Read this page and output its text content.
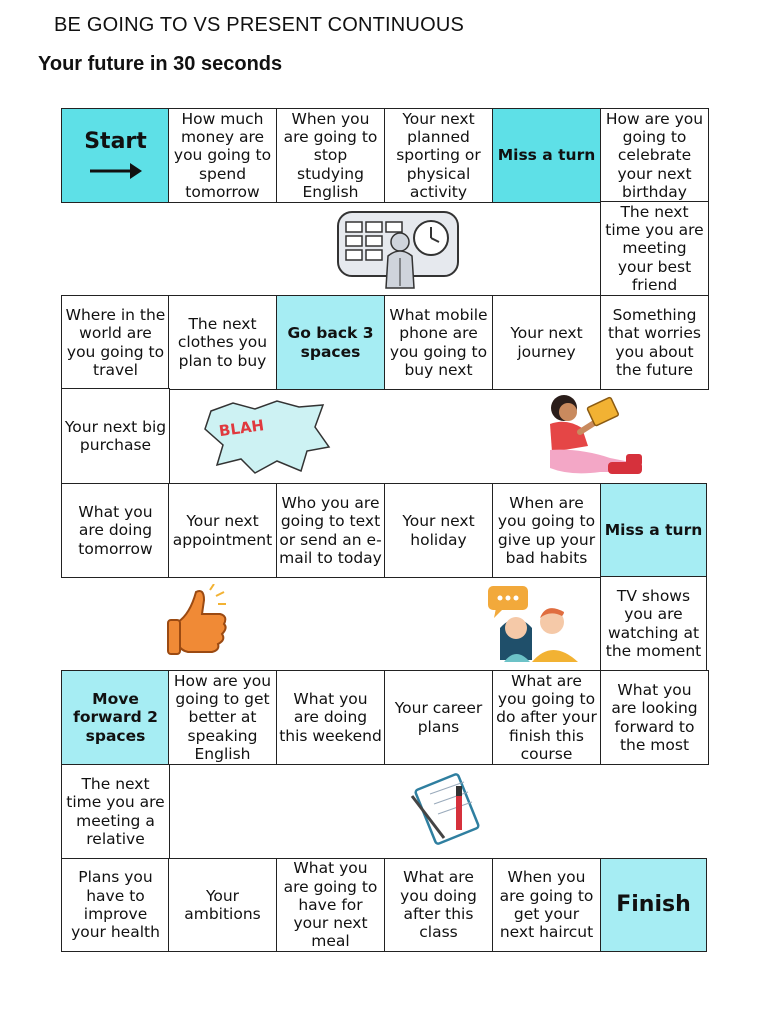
BE GOING TO VS PRESENT CONTINUOUS
Your future in 30 seconds
Start
How much money are you going to spend tomorrow
When you are going to stop studying English
Your next planned sporting or physical activity
Miss a turn
How are you going to celebrate your next birthday
The next time you are meeting your best friend
Where in the world are you going to travel
The next clothes you plan to buy
Go back 3 spaces
What mobile phone are you going to buy next
Your next journey
Something that worries you about the future
Your next big purchase
What you are doing tomorrow
Your next appointment
Who you are going to text or send an e-mail to today
Your next holiday
When are you going to give up your bad habits
Miss a turn
TV shows you are watching at the moment
Move forward 2 spaces
How are you going to get better at speaking English
What you are doing this weekend
Your career plans
What are you going to do after your finish this course
What you are looking forward to the most
The next time you are meeting a relative
Plans you have to improve your health
Your ambitions
What you are going to have for your next meal
What are you doing after this class
When you are going to get your next haircut
Finish
BLAH
